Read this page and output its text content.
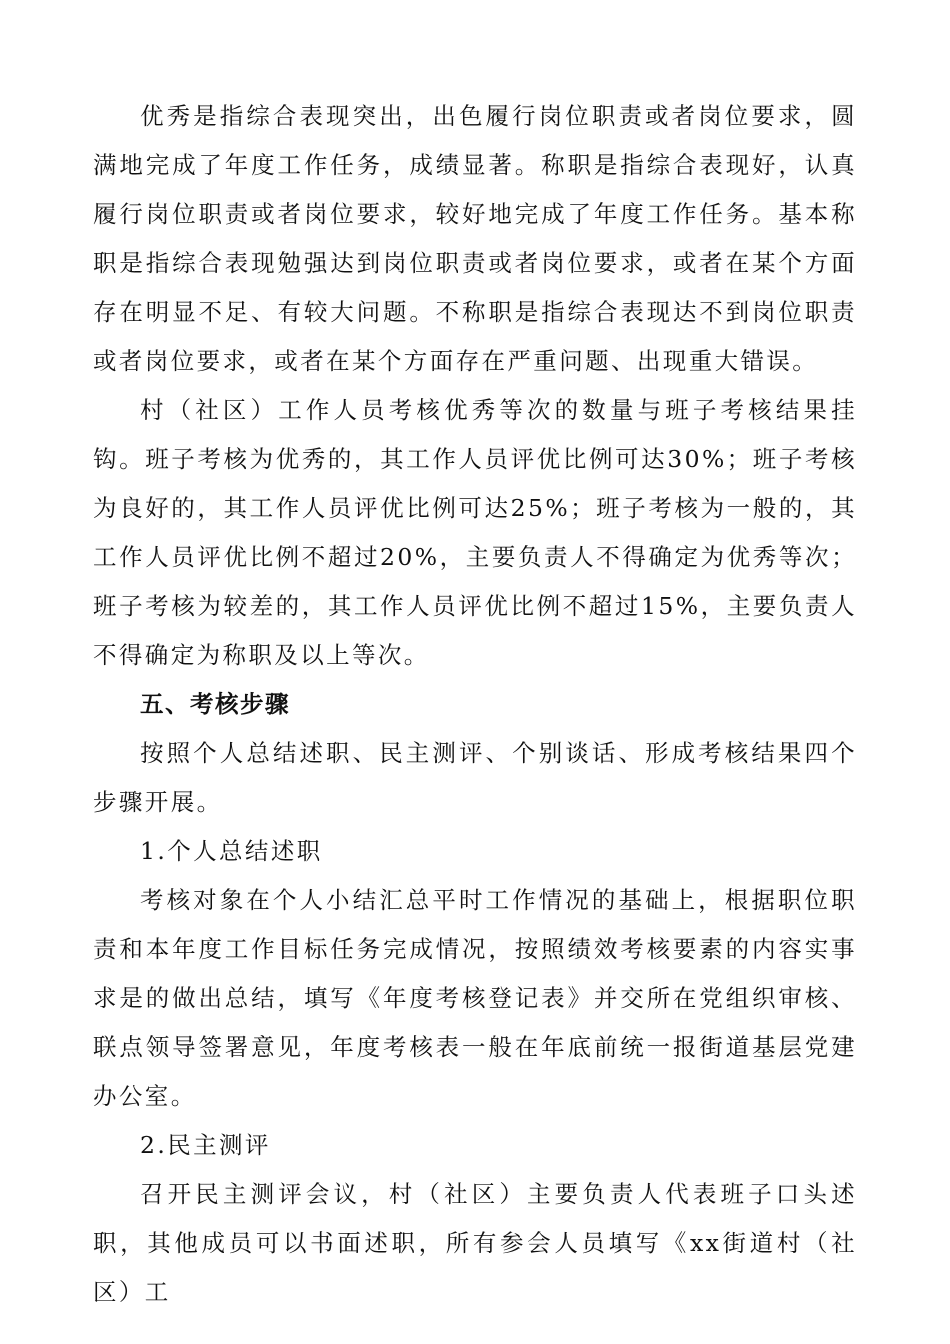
优秀是指综合表现突出，出色履行岗位职责或者岗位要求，圆满地完成了年度工作任务，成绩显著。称职是指综合表现好，认真履行岗位职责或者岗位要求，较好地完成了年度工作任务。基本称职是指综合表现勉强达到岗位职责或者岗位要求，或者在某个方面存在明显不足、有较大问题。不称职是指综合表现达不到岗位职责或者岗位要求，或者在某个方面存在严重问题、出现重大错误。

村（社区）工作人员考核优秀等次的数量与班子考核结果挂钩。班子考核为优秀的，其工作人员评优比例可达30%；班子考核为良好的，其工作人员评优比例可达25%；班子考核为一般的，其工作人员评优比例不超过20%，主要负责人不得确定为优秀等次；班子考核为较差的，其工作人员评优比例不超过15%，主要负责人不得确定为称职及以上等次。

五、考核步骤

按照个人总结述职、民主测评、个别谈话、形成考核结果四个步骤开展。

1.个人总结述职

考核对象在个人小结汇总平时工作情况的基础上，根据职位职责和本年度工作目标任务完成情况，按照绩效考核要素的内容实事求是的做出总结，填写《年度考核登记表》并交所在党组织审核、联点领导签署意见，年度考核表一般在年底前统一报街道基层党建办公室。

2.民主测评

召开民主测评会议，村（社区）主要负责人代表班子口头述职，其他成员可以书面述职，所有参会人员填写《xx街道村（社区）工
